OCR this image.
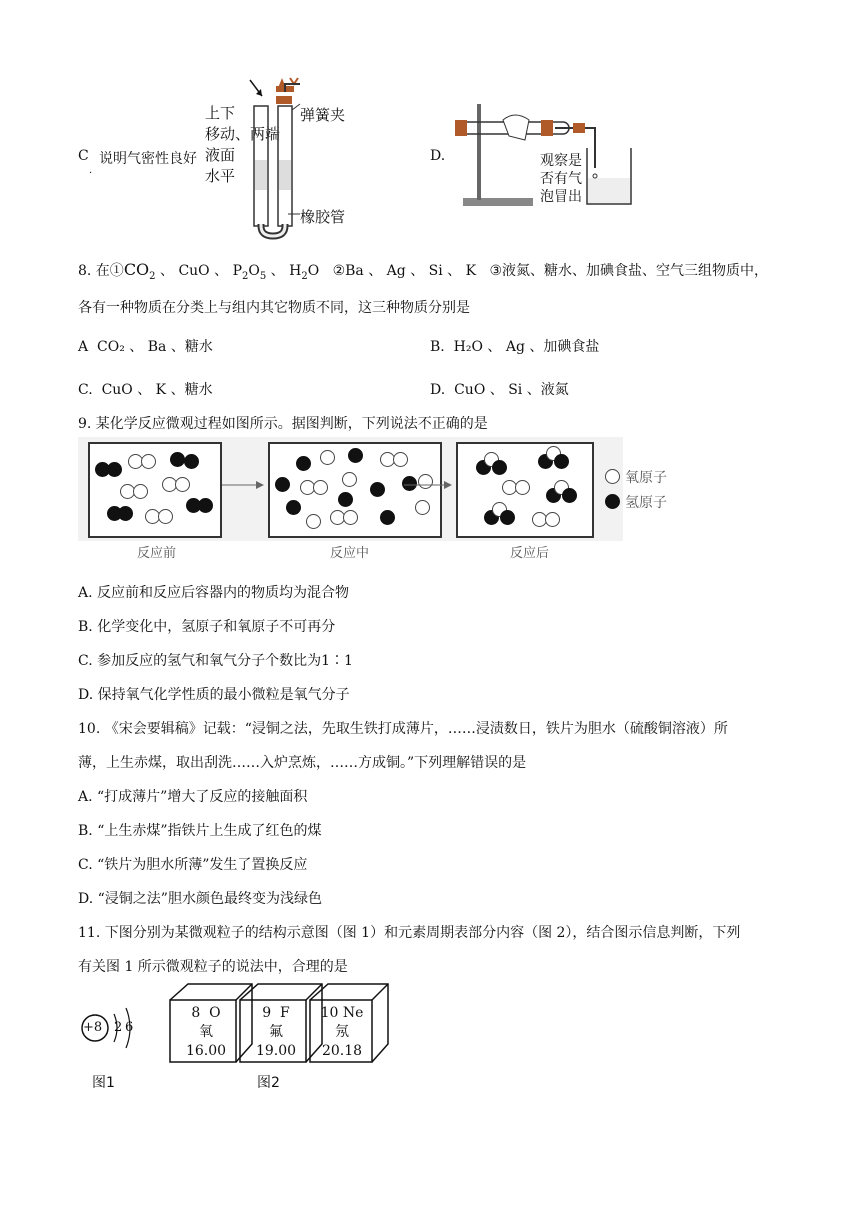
C 说明气密性良好
·
上下
移动、两端
液面
水平
弹簧夹
橡胶管
D.	观察是
否有气
泡冒出
8. 在$①CO_2$ 、 CuO 、 $P_2O_5$ 、 $H_2O$   ②Ba 、 Ag 、 Si 、 K ③液氮、糖水、加碘食盐、空气三组物质中，
各有一种物质在分类上与组内其它物质不同，这三种物质分别是
A CO₂ 、 Ba 、糖水	B. H₂O 、 Ag 、加碘食盐
C. CuO 、 K 、糖水	D. CuO 、 Si 、液氮
9. 某化学反应微观过程如图所示。据图判断，下列说法不正确的是
氧原子
氢原子
反应前	反应中	反应后
A. 反应前和反应后容器内的物质均为混合物
B. 化学变化中，氢原子和氧原子不可再分
C. 参加反应的氢气和氧气分子个数比为1∶1
D. 保持氧气化学性质的最小微粒是氧气分子
10. 《宋会要辑稿》记载：“浸铜之法，先取生铁打成薄片，……浸渍数日，铁片为胆水（硫酸铜溶液）所
薄，上生赤煤，取出刮洗……入炉烹炼，……方成铜。”下列理解错误的是
A. “打成薄片”增大了反应的接触面积
B. “上生赤煤”指铁片上生成了红色的煤
C. “铁片为胆水所薄”发生了置换反应
D. “浸铜之法”胆水颜色最终变为浅绿色
11. 下图分别为某微观粒子的结构示意图（图 1）和元素周期表部分内容（图 2），结合图示信息判断，下列
有关图 1 所示微观粒子的说法中，合理的是
+8 2 6
图1
8 O
氧
16.00
9 F
氟
19.00
10 Ne
氖
20.18
图2
